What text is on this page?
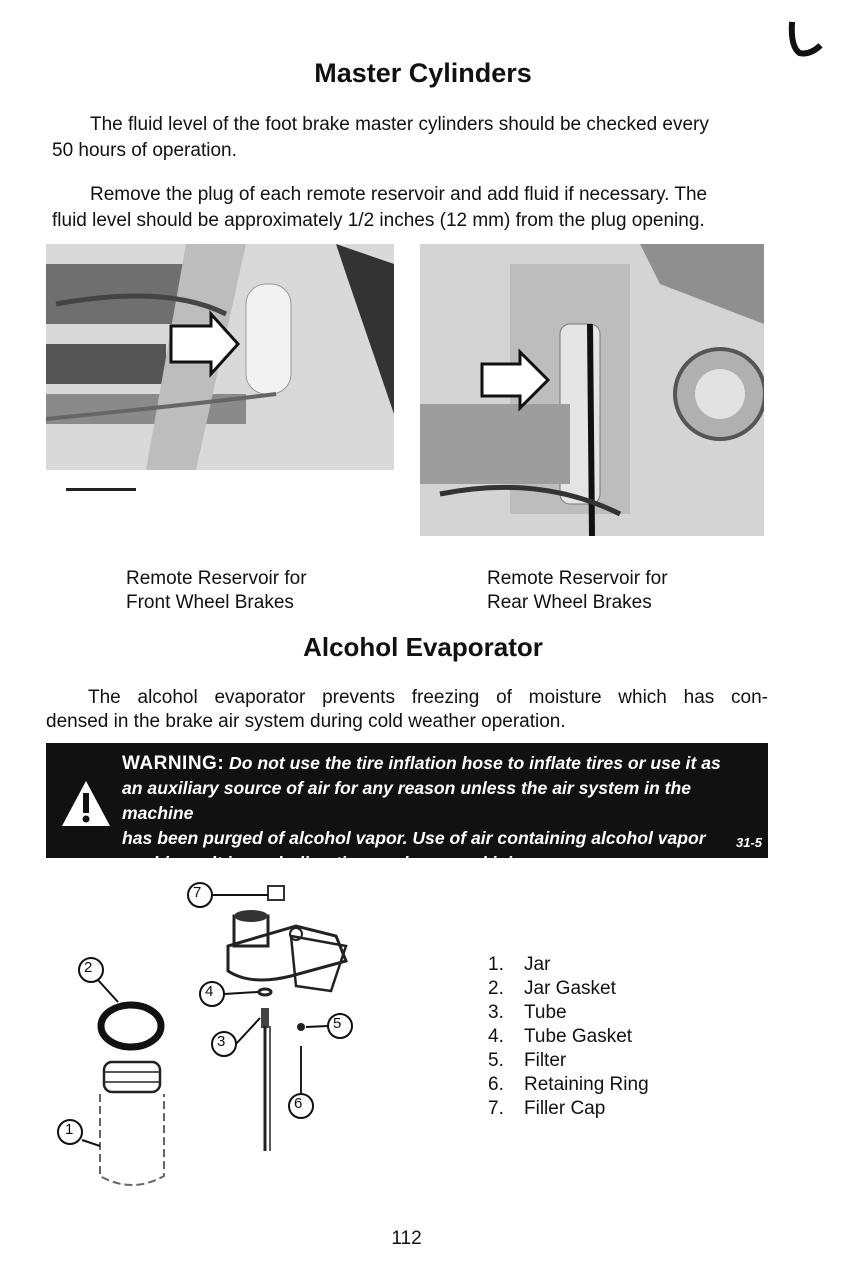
Master Cylinders
The fluid level of the foot brake master cylinders should be checked every
50 hours of operation.
Remove the plug of each remote reservoir and add fluid if necessary. The
fluid level should be approximately 1/2 inches (12 mm) from the plug opening.
Remote Reservoir for
Front Wheel Brakes
Remote Reservoir for
Rear Wheel Brakes
Alcohol Evaporator
The alcohol evaporator prevents freezing of moisture which has con-
densed in the brake air system during cold weather operation.
WARNING: Do not use the tire inflation hose to inflate tires or use it as
an auxiliary source of air for any reason unless the air system in the machine
has been purged of alcohol vapor. Use of air containing alcohol vapor
could result in exploding tires and personal injury.
31-5
7
2
4
3
5
6
1
1.	Jar
2.	Jar Gasket
3.	Tube
4.	Tube Gasket
5.	Filter
6.	Retaining Ring
7.	Filler Cap
112
